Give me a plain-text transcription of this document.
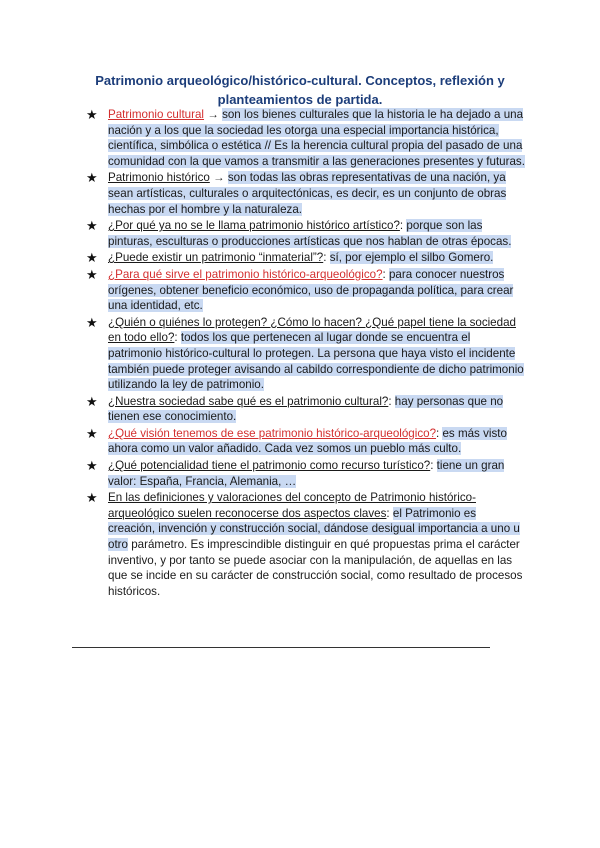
Patrimonio arqueológico/histórico-cultural. Conceptos, reflexión y planteamientos de partida.
★ Patrimonio cultural → son los bienes culturales que la historia le ha dejado a una nación y a los que la sociedad les otorga una especial importancia histórica, científica, simbólica o estética // Es la herencia cultural propia del pasado de una comunidad con la que vamos a transmitir a las generaciones presentes y futuras.
★ Patrimonio histórico → son todas las obras representativas de una nación, ya sean artísticas, culturales o arquitectónicas, es decir, es un conjunto de obras hechas por el hombre y la naturaleza.
★ ¿Por qué ya no se le llama patrimonio histórico artístico?: porque son las pinturas, esculturas o producciones artísticas que nos hablan de otras épocas.
★ ¿Puede existir un patrimonio “inmaterial”?: sí, por ejemplo el silbo Gomero.
★ ¿Para qué sirve el patrimonio histórico-arqueológico?: para conocer nuestros orígenes, obtener beneficio económico, uso de propaganda política, para crear una identidad, etc.
★ ¿Quién o quiénes lo protegen? ¿Cómo lo hacen? ¿Qué papel tiene la sociedad en todo ello?: todos los que pertenecen al lugar donde se encuentra el patrimonio histórico-cultural lo protegen. La persona que haya visto el incidente también puede proteger avisando al cabildo correspondiente de dicho patrimonio utilizando la ley de patrimonio.
★ ¿Nuestra sociedad sabe qué es el patrimonio cultural?: hay personas que no tienen ese conocimiento.
★ ¿Qué visión tenemos de ese patrimonio histórico-arqueológico?: es más visto ahora como un valor añadido. Cada vez somos un pueblo más culto.
★ ¿Qué potencialidad tiene el patrimonio como recurso turístico?: tiene un gran valor: España, Francia, Alemania, …
★ En las definiciones y valoraciones del concepto de Patrimonio histórico-arqueológico suelen reconocerse dos aspectos claves: el Patrimonio es creación, invención y construcción social, dándose desigual importancia a uno u otro parámetro. Es imprescindible distinguir en qué propuestas prima el carácter inventivo, y por tanto se puede asociar con la manipulación, de aquellas en las que se incide en su carácter de construcción social, como resultado de procesos históricos.
